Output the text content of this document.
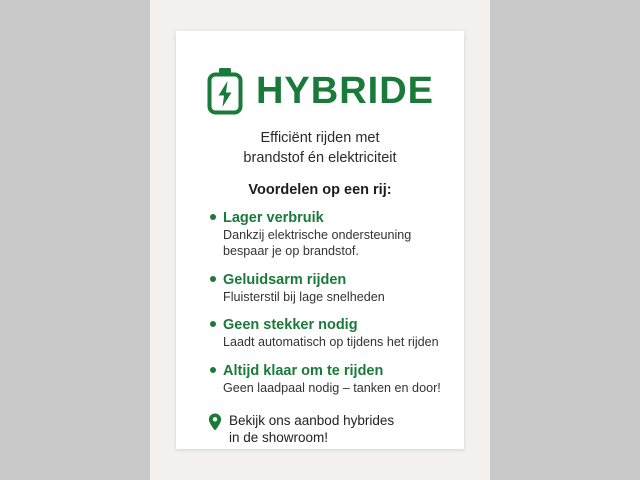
HYBRIDE
Efficiënt rijden met
brandstof én elektriciteit
Voordelen op een rij:
Lager verbruik
Dankzij elektrische ondersteuning
bespaar je op brandstof.
Geluidsarm rijden
Fluisterstil bij lage snelheden
Geen stekker nodig
Laadt automatisch op tijdens het rijden
Altijd klaar om te rijden
Geen laadpaal nodig – tanken en door!
Bekijk ons aanbod hybrides
in de showroom!
